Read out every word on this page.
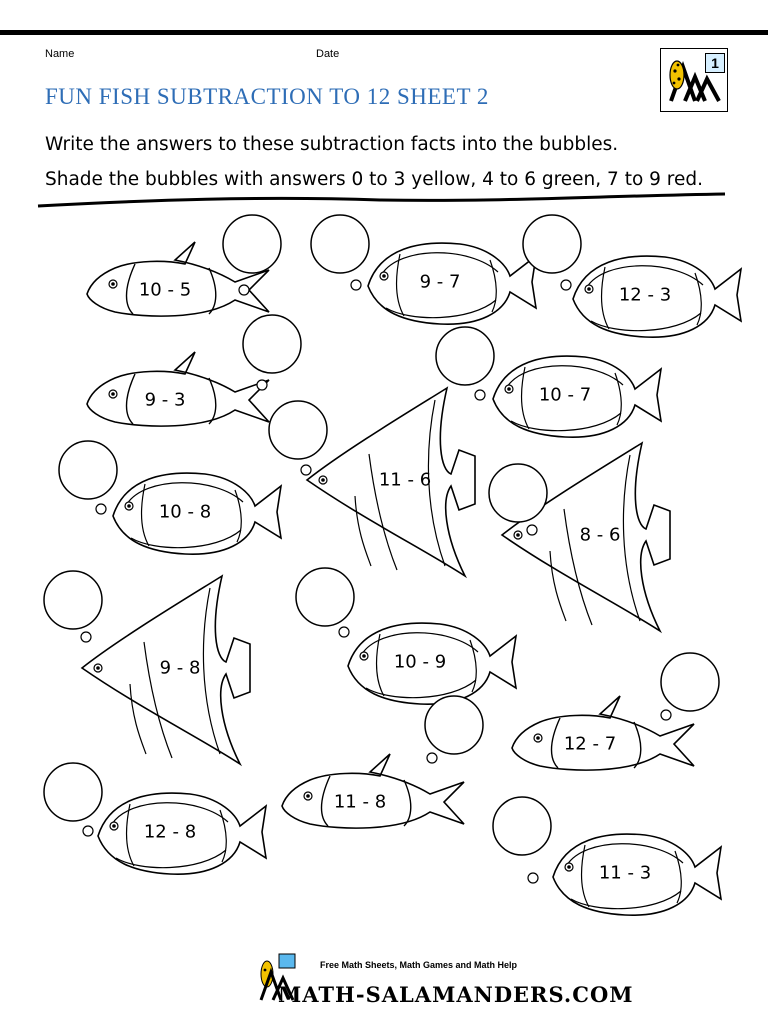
Name	Date
FUN FISH SUBTRACTION TO 12 SHEET 2
1

Write the answers to these subtraction facts into the bubbles.

Shade the bubbles with answers 0 to 3 yellow, 4 to 6 green, 7 to 9 red.

10 - 5	9 - 7
12 - 3
9 - 3	10 - 7
11 - 6
10 - 8
8 - 6
9 - 8	10 - 9
12 - 7
11 - 8
12 - 8
11 - 3
Free Math Sheets, Math Games and Math Help
MATH-SALAMANDERS.COM
